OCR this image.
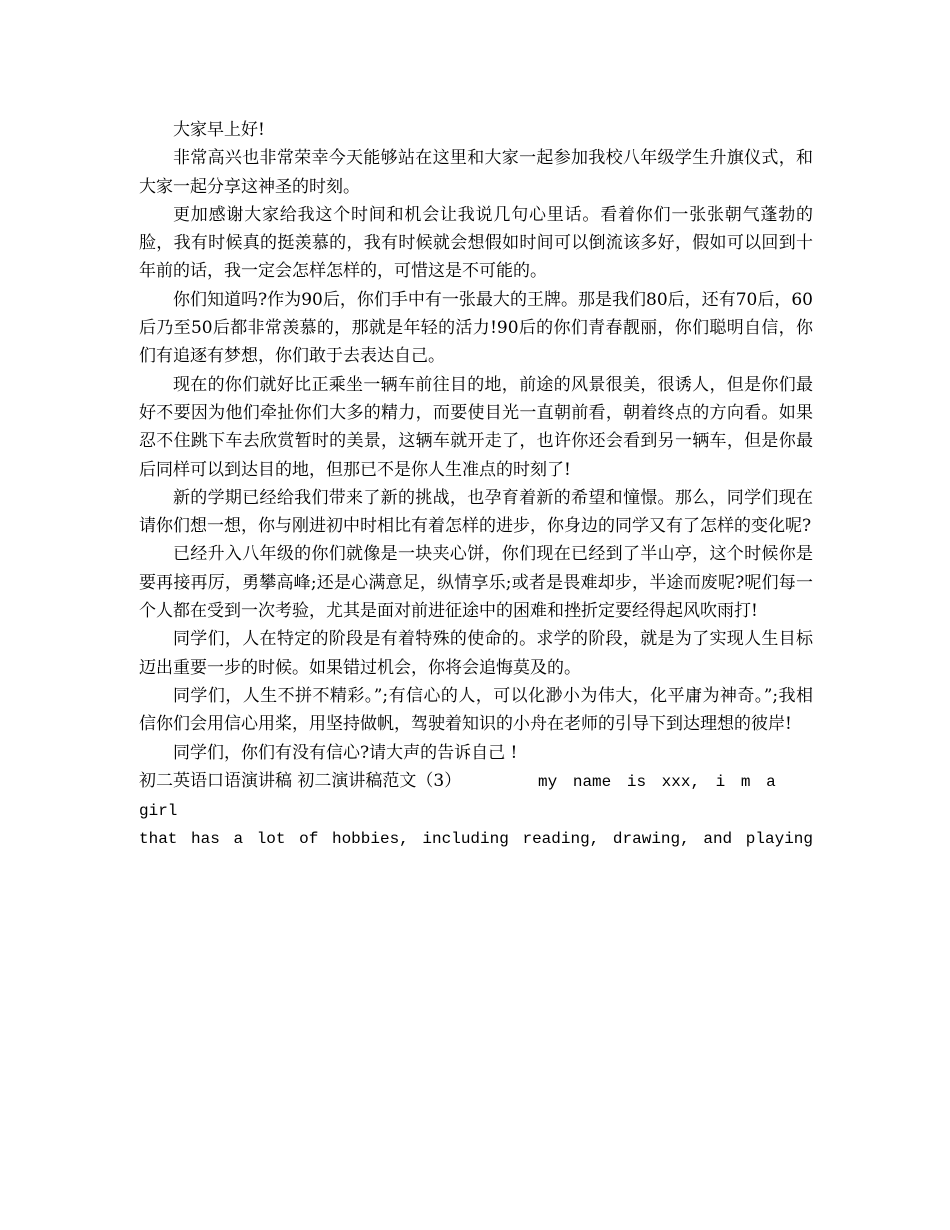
大家早上好!

非常高兴也非常荣幸今天能够站在这里和大家一起参加我校八年级学生升旗仪式，和大家一起分享这神圣的时刻。

更加感谢大家给我这个时间和机会让我说几句心里话。看着你们一张张朝气蓬勃的脸，我有时候真的挺羡慕的，我有时候就会想假如时间可以倒流该多好，假如可以回到十年前的话，我一定会怎样怎样的，可惜这是不可能的。

你们知道吗?作为90后，你们手中有一张最大的王牌。那是我们80后，还有70后，60后乃至50后都非常羡慕的，那就是年轻的活力!90后的你们青春靓丽，你们聪明自信，你们有追逐有梦想，你们敢于去表达自己。

现在的你们就好比正乘坐一辆车前往目的地，前途的风景很美，很诱人，但是你们最好不要因为他们牵扯你们大多的精力，而要使目光一直朝前看，朝着终点的方向看。如果忍不住跳下车去欣赏暂时的美景，这辆车就开走了，也许你还会看到另一辆车，但是你最后同样可以到达目的地，但那已不是你人生准点的时刻了!

新的学期已经给我们带来了新的挑战，也孕育着新的希望和憧憬。那么，同学们现在请你们想一想，你与刚进初中时相比有着怎样的进步，你身边的同学又有了怎样的变化呢?

已经升入八年级的你们就像是一块夹心饼，你们现在已经到了半山亭，这个时候你是要再接再厉，勇攀高峰;还是心满意足，纵情享乐;或者是畏难却步，半途而废呢?呢们每一个人都在受到一次考验，尤其是面对前进征途中的困难和挫折定要经得起风吹雨打!

同学们，人在特定的阶段是有着特殊的使命的。求学的阶段，就是为了实现人生目标迈出重要一步的时候。如果错过机会，你将会追悔莫及的。

同学们，人生不拼不精彩。”;有信心的人，可以化渺小为伟大，化平庸为神奇。”;我相信你们会用信心用桨，用坚持做帆，驾驶着知识的小舟在老师的引导下到达理想的彼岸!

同学们，你们有没有信心?请大声的告诉自己 !

初二英语口语演讲稿 初二演讲稿范文（3）	my name is xxx, i m a girl

that has a lot of hobbies, including reading, drawing, and playing
